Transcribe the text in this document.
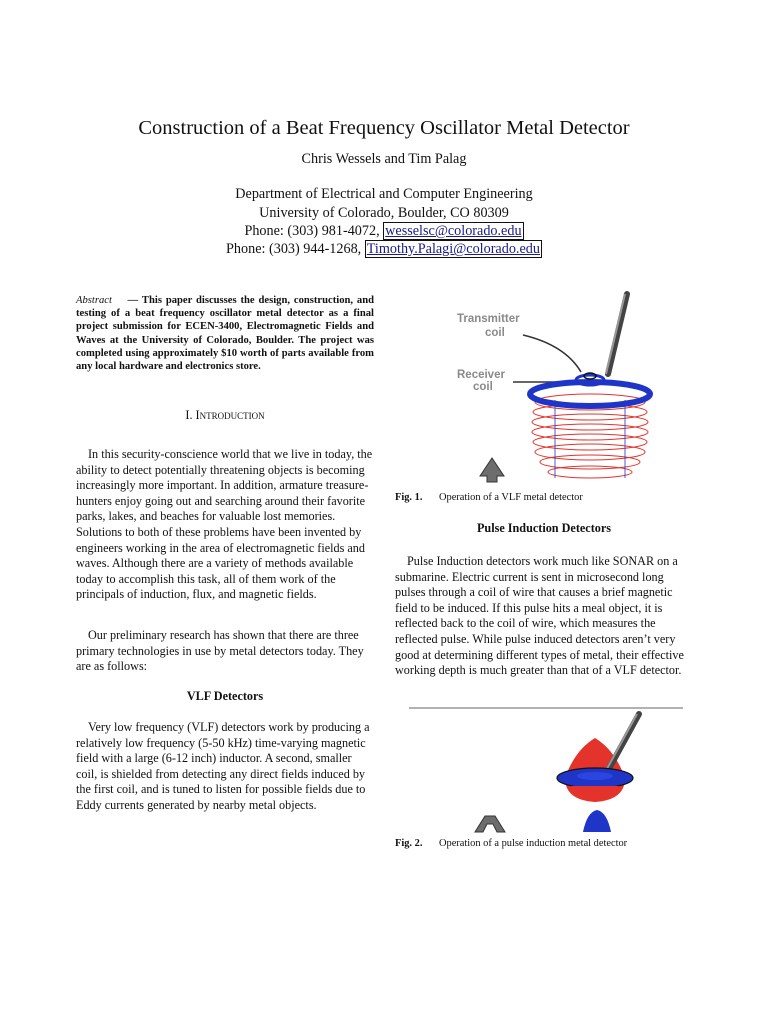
Construction of a Beat Frequency Oscillator Metal Detector
Chris Wessels and Tim Palag
Department of Electrical and Computer Engineering
University of Colorado, Boulder, CO 80309
Phone: (303) 981-4072, wesselsc@colorado.edu
Phone: (303) 944-1268, Timothy.Palagi@colorado.edu
Abstract — This paper discusses the design, construction, and testing of a beat frequency oscillator metal detector as a final project submission for ECEN-3400, Electromagnetic Fields and Waves at the University of Colorado, Boulder. The project was completed using approximately $10 worth of parts available from any local hardware and electronics store.
I. Introduction
In this security-conscience world that we live in today, the ability to detect potentially threatening objects is becoming increasingly more important. In addition, armature treasure-hunters enjoy going out and searching around their favorite parks, lakes, and beaches for valuable lost memories. Solutions to both of these problems have been invented by engineers working in the area of electromagnetic fields and waves. Although there are a variety of methods available today to accomplish this task, all of them work of the principals of induction, flux, and magnetic fields.
Our preliminary research has shown that there are three primary technologies in use by metal detectors today. They are as follows:
VLF Detectors
Very low frequency (VLF) detectors work by producing a relatively low frequency (5-50 kHz) time-varying magnetic field with a large (6-12 inch) inductor. A second, smaller coil, is shielded from detecting any direct fields induced by the first coil, and is tuned to listen for possible fields due to Eddy currents generated by nearby metal objects.
Transmitter
coil
Receiver
coil
Fig. 1. Operation of a VLF metal detector
Pulse Induction Detectors
Pulse Induction detectors work much like SONAR on a submarine. Electric current is sent in microsecond long pulses through a coil of wire that causes a brief magnetic field to be induced. If this pulse hits a meal object, it is reflected back to the coil of wire, which measures the reflected pulse. While pulse induced detectors aren’t very good at determining different types of metal, their effective working depth is much greater than that of a VLF detector.
Fig. 2. Operation of a pulse induction metal detector
